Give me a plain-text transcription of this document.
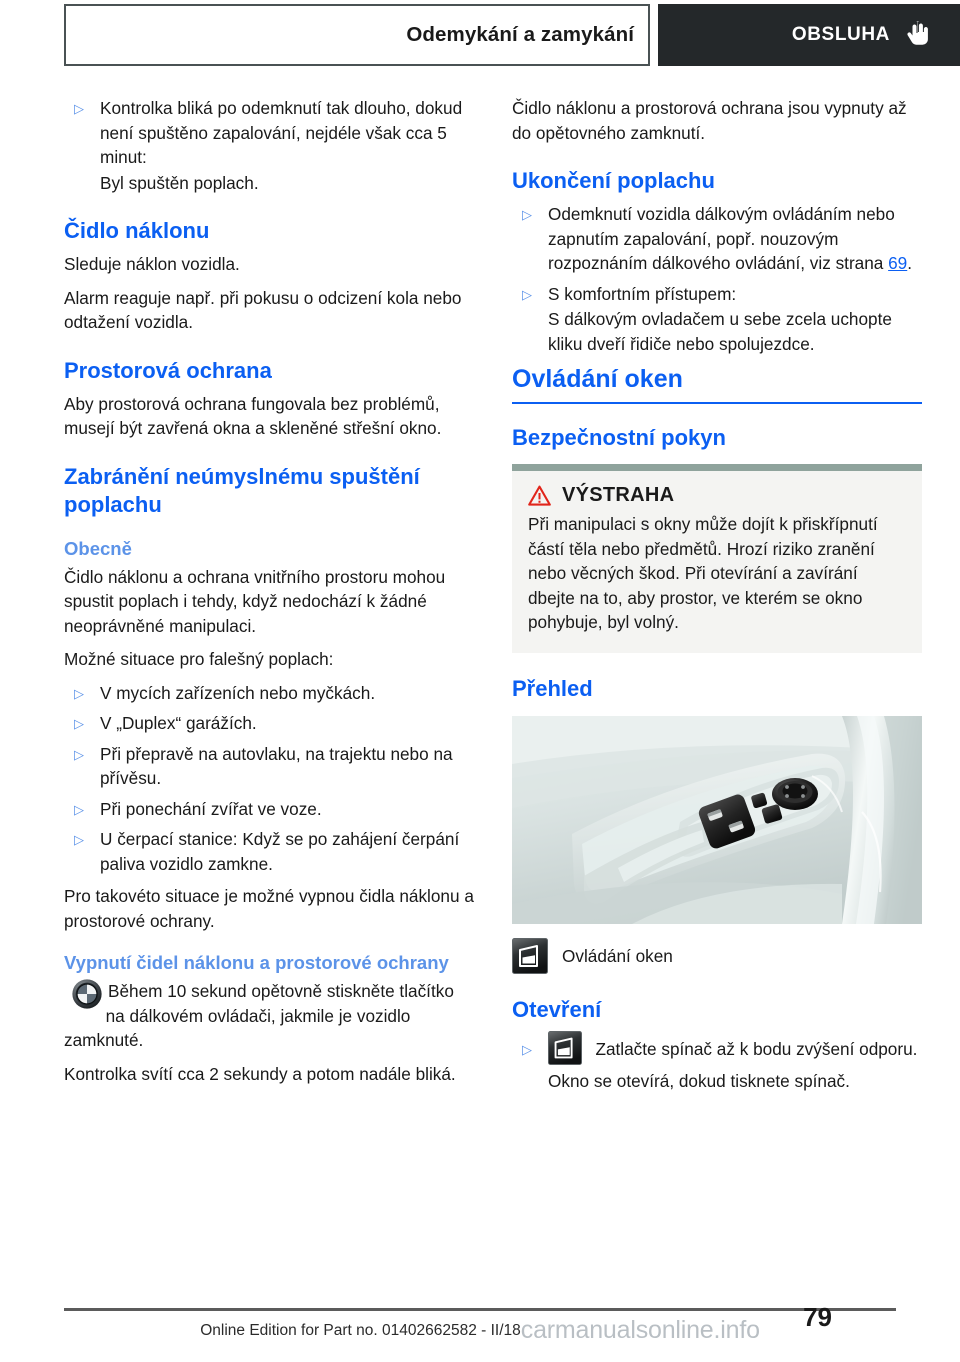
Odemykání a zamykání	OBSLUHA
▷ Kontrolka bliká po odemknutí tak dlouho, dokud není spuštěno zapalování, nejdéle však cca 5 minut:
Byl spuštěn poplach.
Čidlo náklonu

Sleduje náklon vozidla.

Alarm reaguje např. při pokusu o odcizení kola nebo odtažení vozidla.

Prostorová ochrana

Aby prostorová ochrana fungovala bez problémů, musejí být zavřená okna a skleněné střešní okno.

Zabránění neúmyslnému spuštění poplachu
Obecně

Čidlo náklonu a ochrana vnitřního prostoru mohou spustit poplach i tehdy, když nedochází k žádné neoprávněné manipulaci.

Možné situace pro falešný poplach:

▷ V mycích zařízeních nebo myčkách.
▷ V „Duplex“ garážích.
▷ Při přepravě na autovlaku, na trajektu nebo na přívěsu.
▷ Při ponechání zvířat ve voze.
▷ U čerpací stanice: Když se po zahájení čerpání paliva vozidlo zamkne.

Pro takovéto situace je možné vypnou čidla náklonu a prostorové ochrany.

Vypnutí čidel náklonu a prostorové ochrany
Během 10 sekund opětovně stiskněte tlačítko na dálkovém ovládači, jakmile je vozidlo zamknuté.

Kontrolka svítí cca 2 sekundy a potom nadále bliká.

Čidlo náklonu a prostorová ochrana jsou vypnuty až do opětovného zamknutí.

Ukončení poplachu
▷ Odemknutí vozidla dálkovým ovládáním nebo zapnutím zapalování, popř. nouzovým rozpoznáním dálkového ovládání, viz strana 69.
▷ S komfortním přístupem:
S dálkovým ovladačem u sebe zcela uchopte kliku dveří řidiče nebo spolujezdce.
Ovládání oken
Bezpečnostní pokyn
VÝSTRAHA
Při manipulaci s okny může dojít k přiskřípnutí částí těla nebo předmětů. Hrozí riziko zranění nebo věcných škod. Při otevírání a zavírání dbejte na to, aby prostor, ve kterém se okno pohybuje, byl volný.
Přehled
Ovládání oken
Otevření
▷ Zatlačte spínač až k bodu zvýšení odporu.

Okno se otevírá, dokud tisknete spínač.

79
Online Edition for Part no. 01402662582 - II/18carmanualsonline.info
